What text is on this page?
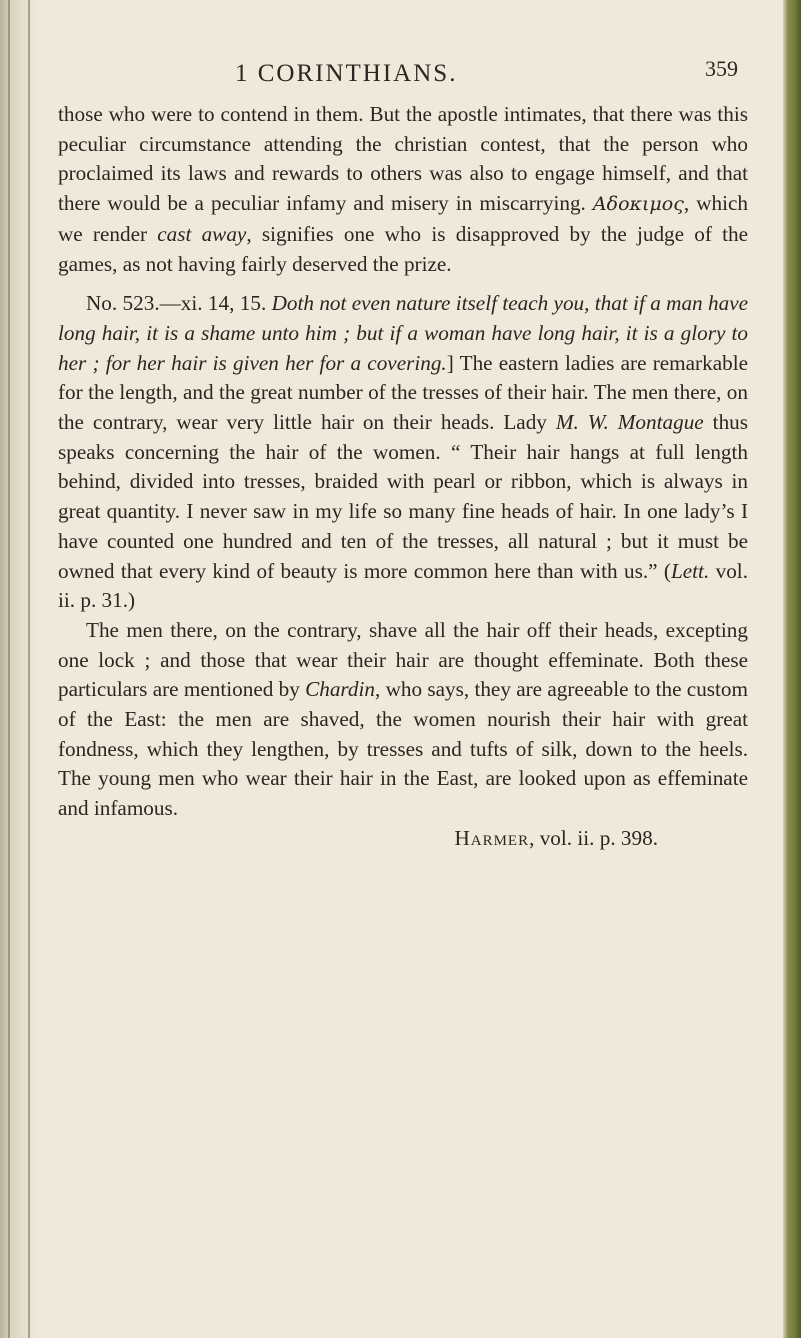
1 CORINTHIANS.	359

those who were to contend in them. But the apostle intimates, that there was this peculiar circumstance attending the christian contest, that the person who proclaimed its laws and rewards to others was also to engage himself, and that there would be a peculiar infamy and misery in miscarrying. Αδοκιμος, which we render cast away, signifies one who is disapproved by the judge of the games, as not having fairly deserved the prize.

No. 523.—xi. 14, 15. Doth not even nature itself teach you, that if a man have long hair, it is a shame unto him ; but if a woman have long hair, it is a glory to her ; for her hair is given her for a covering.] The eastern ladies are remarkable for the length, and the great number of the tresses of their hair. The men there, on the contrary, wear very little hair on their heads. Lady M. W. Montague thus speaks concerning the hair of the women. “ Their hair hangs at full length behind, divided into tresses, braided with pearl or ribbon, which is always in great quantity. I never saw in my life so many fine heads of hair. In one lady’s I have counted one hundred and ten of the tresses, all natural ; but it must be owned that every kind of beauty is more common here than with us.” (Lett. vol. ii. p. 31.)

The men there, on the contrary, shave all the hair off their heads, excepting one lock ; and those that wear their hair are thought effeminate. Both these particulars are mentioned by Chardin, who says, they are agreeable to the custom of the East: the men are shaved, the women nourish their hair with great fondness, which they lengthen, by tresses and tufts of silk, down to the heels. The young men who wear their hair in the East, are looked upon as effeminate and infamous.

Harmer, vol. ii. p. 398.
